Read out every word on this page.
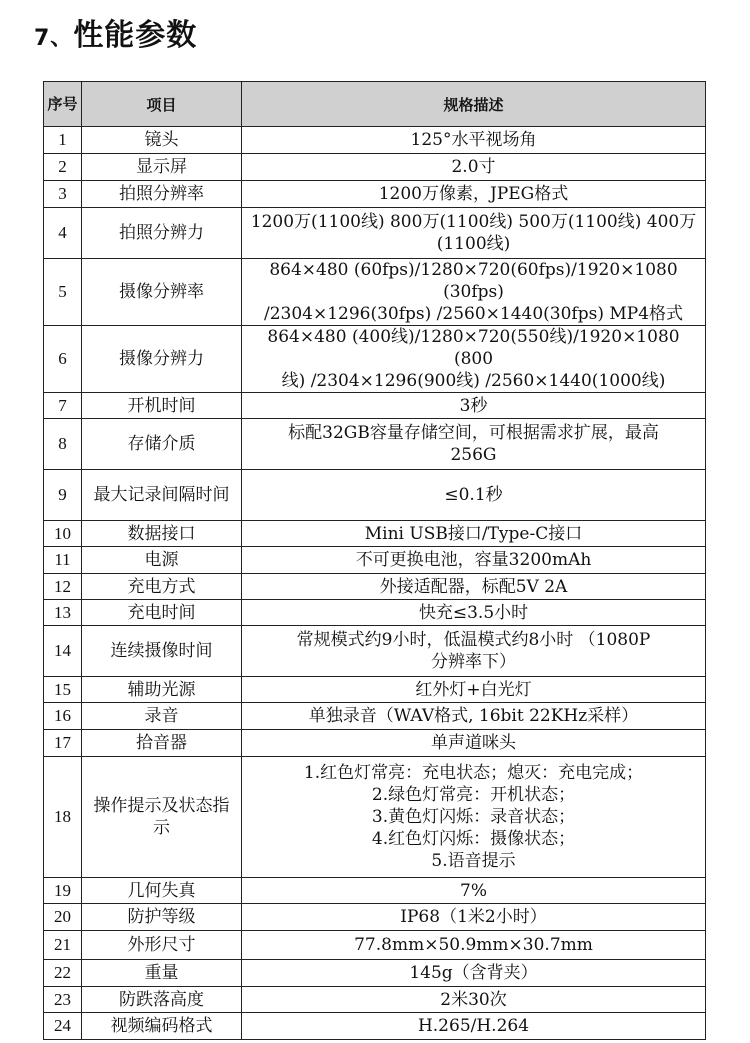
7、性能参数
序号	项目	规格描述
1	镜头	125°水平视场角
2	显示屏	2.0寸
3	拍照分辨率	1200万像素，JPEG格式
4	拍照分辨力	1200万(1100线) 800万(1100线) 500万(1100线) 400万
(1100线)
5	摄像分辨率	864×480 (60fps)/1280×720(60fps)/1920×1080 (30fps)
/2304×1296(30fps) /2560×1440(30fps) MP4格式
6	摄像分辨力	864×480 (400线)/1280×720(550线)/1920×1080 (800
线) /2304×1296(900线) /2560×1440(1000线)
7	开机时间	3秒
8	存储介质	标配32GB容量存储空间，可根据需求扩展，最高
256G
9	最大记录间隔时间	≤0.1秒
10	数据接口	Mini USB接口/Type-C接口
11	电源	不可更换电池，容量3200mAh
12	充电方式	外接适配器，标配5V 2A
13	充电时间	快充≤3.5小时
14	连续摄像时间	常规模式约9小时，低温模式约8小时 （1080P
分辨率下）
15	辅助光源	红外灯+白光灯
16	录音	单独录音（WAV格式, 16bit 22KHz采样）
17	拾音器	单声道咪头
18	操作提示及状态指示	1.红色灯常亮：充电状态；熄灭：充电完成；
2.绿色灯常亮：开机状态；
3.黄色灯闪烁：录音状态；
4.红色灯闪烁：摄像状态；
5.语音提示
19	几何失真	7%
20	防护等级	IP68（1米2小时）
21	外形尺寸	77.8mm×50.9mm×30.7mm
22	重量	145g（含背夹）
23	防跌落高度	2米30次
24	视频编码格式	H.265/H.264
